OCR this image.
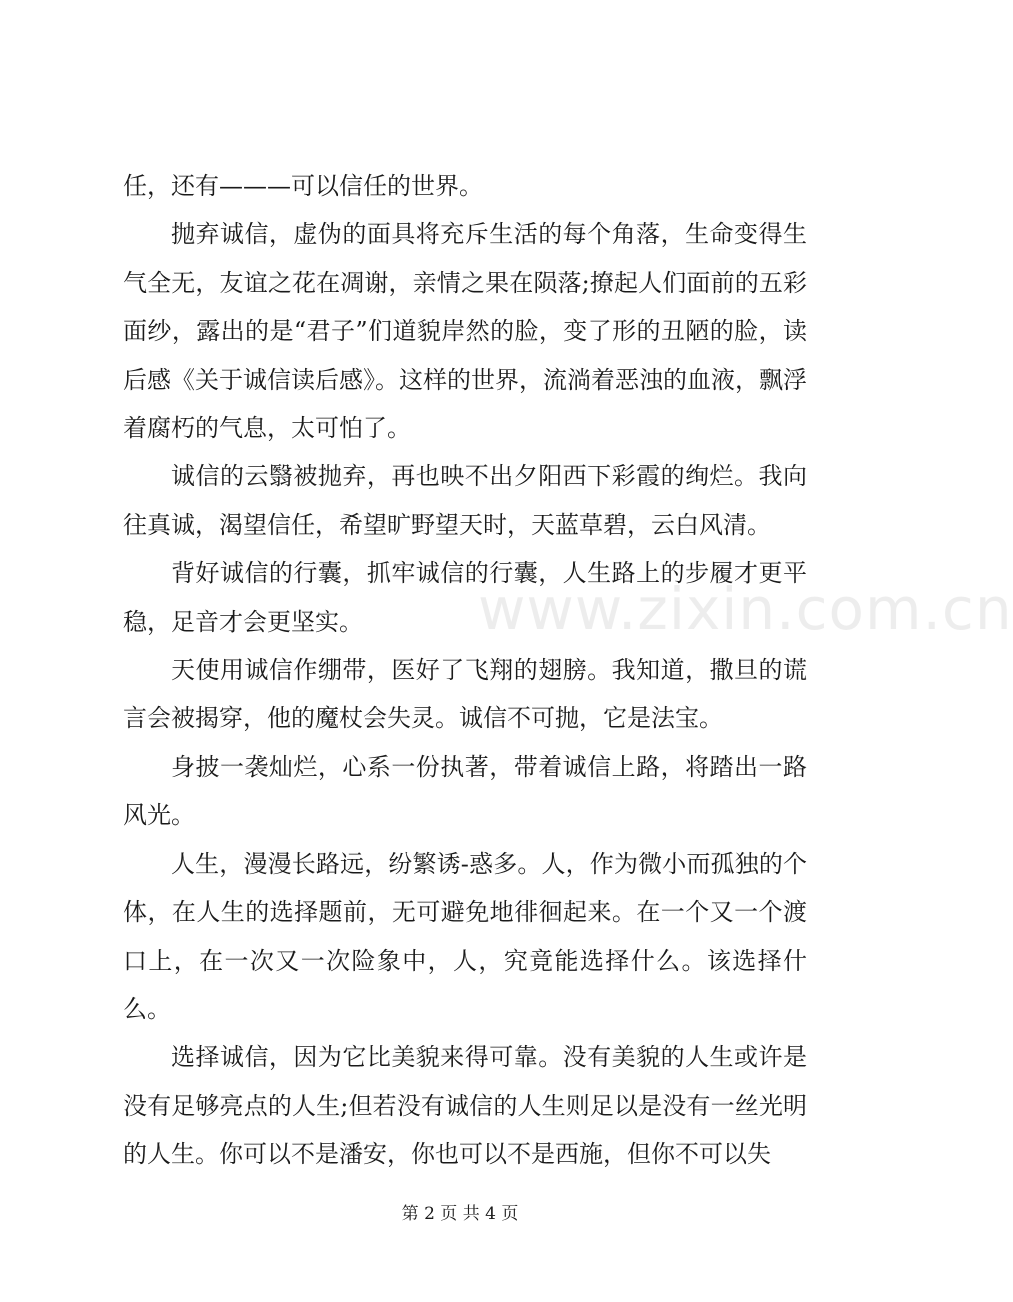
任，还有———可以信任的世界。

抛弃诚信，虚伪的面具将充斥生活的每个角落，生命变得生气全无，友谊之花在凋谢，亲情之果在陨落;撩起人们面前的五彩面纱，露出的是“君子”们道貌岸然的脸，变了形的丑陋的脸，读后感《关于诚信读后感》。这样的世界，流淌着恶浊的血液，飘浮着腐朽的气息，太可怕了。

诚信的云翳被抛弃，再也映不出夕阳西下彩霞的绚烂。我向往真诚，渴望信任，希望旷野望天时，天蓝草碧，云白风清。

背好诚信的行囊，抓牢诚信的行囊，人生路上的步履才更平稳，足音才会更坚实。

天使用诚信作绷带，医好了飞翔的翅膀。我知道，撒旦的谎言会被揭穿，他的魔杖会失灵。诚信不可抛，它是法宝。

身披一袭灿烂，心系一份执著，带着诚信上路，将踏出一路风光。

人生，漫漫长路远，纷繁诱-惑多。人，作为微小而孤独的个体，在人生的选择题前，无可避免地徘徊起来。在一个又一个渡口上，在一次又一次险象中，人，究竟能选择什么。该选择什么。

选择诚信，因为它比美貌来得可靠。没有美貌的人生或许是没有足够亮点的人生;但若没有诚信的人生则足以是没有一丝光明的人生。你可以不是潘安，你也可以不是西施，但你不可以失

www.zixin.com.cn
第 2 页 共 4 页
